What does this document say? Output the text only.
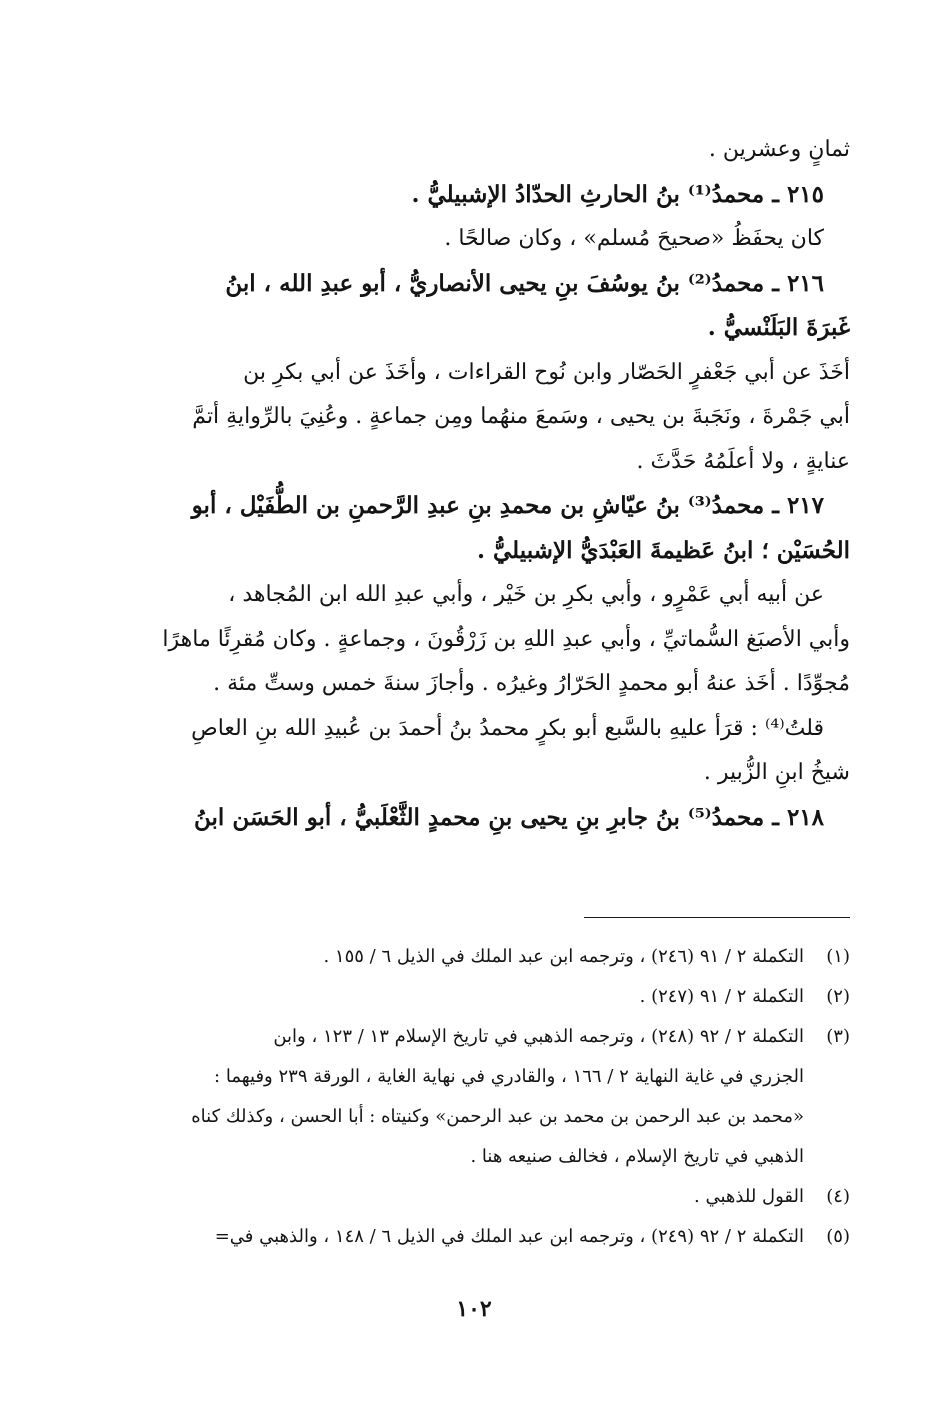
ثمانٍ وعشرين .
٢١٥ ـ محمدُ⁽¹⁾ بنُ الحارثِ الحدّادُ الإشبيليُّ .
كان يحفَظُ «صحيحَ مُسلم» ، وكان صالحًا .
٢١٦ ـ محمدُ⁽²⁾ بنُ يوسُفَ بنِ يحيى الأنصاريُّ ، أبو عبدِ الله ، ابنُ
غَبرَةَ البَلَنْسيُّ .
أخَذَ عن أبي جَعْفرٍ الحَصّار وابن نُوح القراءات ، وأخَذَ عن أبي بكرِ بن
أبي جَمْرةَ ، ونَجَبةَ بن يحيى ، وسَمعَ منهُما ومِن جماعةٍ . وعُنِيَ بالرِّوايةِ أتمَّ
عنايةٍ ، ولا أعلَمُهُ حَدَّثَ .
٢١٧ ـ محمدُ⁽³⁾ بنُ عيّاشِ بن محمدِ بنِ عبدِ الرَّحمنِ بن الطُّفَيْل ، أبو
الحُسَيْن ؛ ابنُ عَظيمةَ العَبْدَيُّ الإشبيليُّ .
عن أبيه أبي عَمْرٍو ، وأبي بكرِ بن خَيْر ، وأبي عبدِ الله ابن المُجاهد ،
وأبي الأصبَغ السُّماتيِّ ، وأبي عبدِ اللهِ بن زَرْقُونَ ، وجماعةٍ . وكان مُقرِئًا ماهرًا
مُجوِّدًا . أخَذ عنهُ أبو محمدٍ الحَرّارُ وغيرُه . وأجازَ سنةَ خمس وستِّ مئة .
قلتُ⁽⁴⁾ : قرَأ عليهِ بالسَّبع أبو بكرٍ محمدُ بنُ أحمدَ بن عُبيدِ الله بنِ العاصِ
شيخُ ابنِ الزُّبير .
٢١٨ ـ محمدُ⁽⁵⁾ بنُ جابرِ بنِ يحيى بنِ محمدٍ الثَّعْلَبيُّ ، أبو الحَسَن ابنُ
(١)التكملة ٢ / ٩١ (٢٤٦) ، وترجمه ابن عبد الملك في الذيل ٦ / ١٥٥ .
(٢)التكملة ٢ / ٩١ (٢٤٧) .
(٣)التكملة ٢ / ٩٢ (٢٤٨) ، وترجمه الذهبي في تاريخ الإسلام ١٣ / ١٢٣ ، وابن
الجزري في غاية النهاية ٢ / ١٦٦ ، والقادري في نهاية الغاية ، الورقة ٢٣٩ وفيهما :
«محمد بن عبد الرحمن بن محمد بن عبد الرحمن» وكنيتاه : أبا الحسن ، وكذلك كناه
الذهبي في تاريخ الإسلام ، فخالف صنيعه هنا .
(٤)القول للذهبي .
(٥)التكملة ٢ / ٩٢ (٢٤٩) ، وترجمه ابن عبد الملك في الذيل ٦ / ١٤٨ ، والذهبي في=
١٠٢
